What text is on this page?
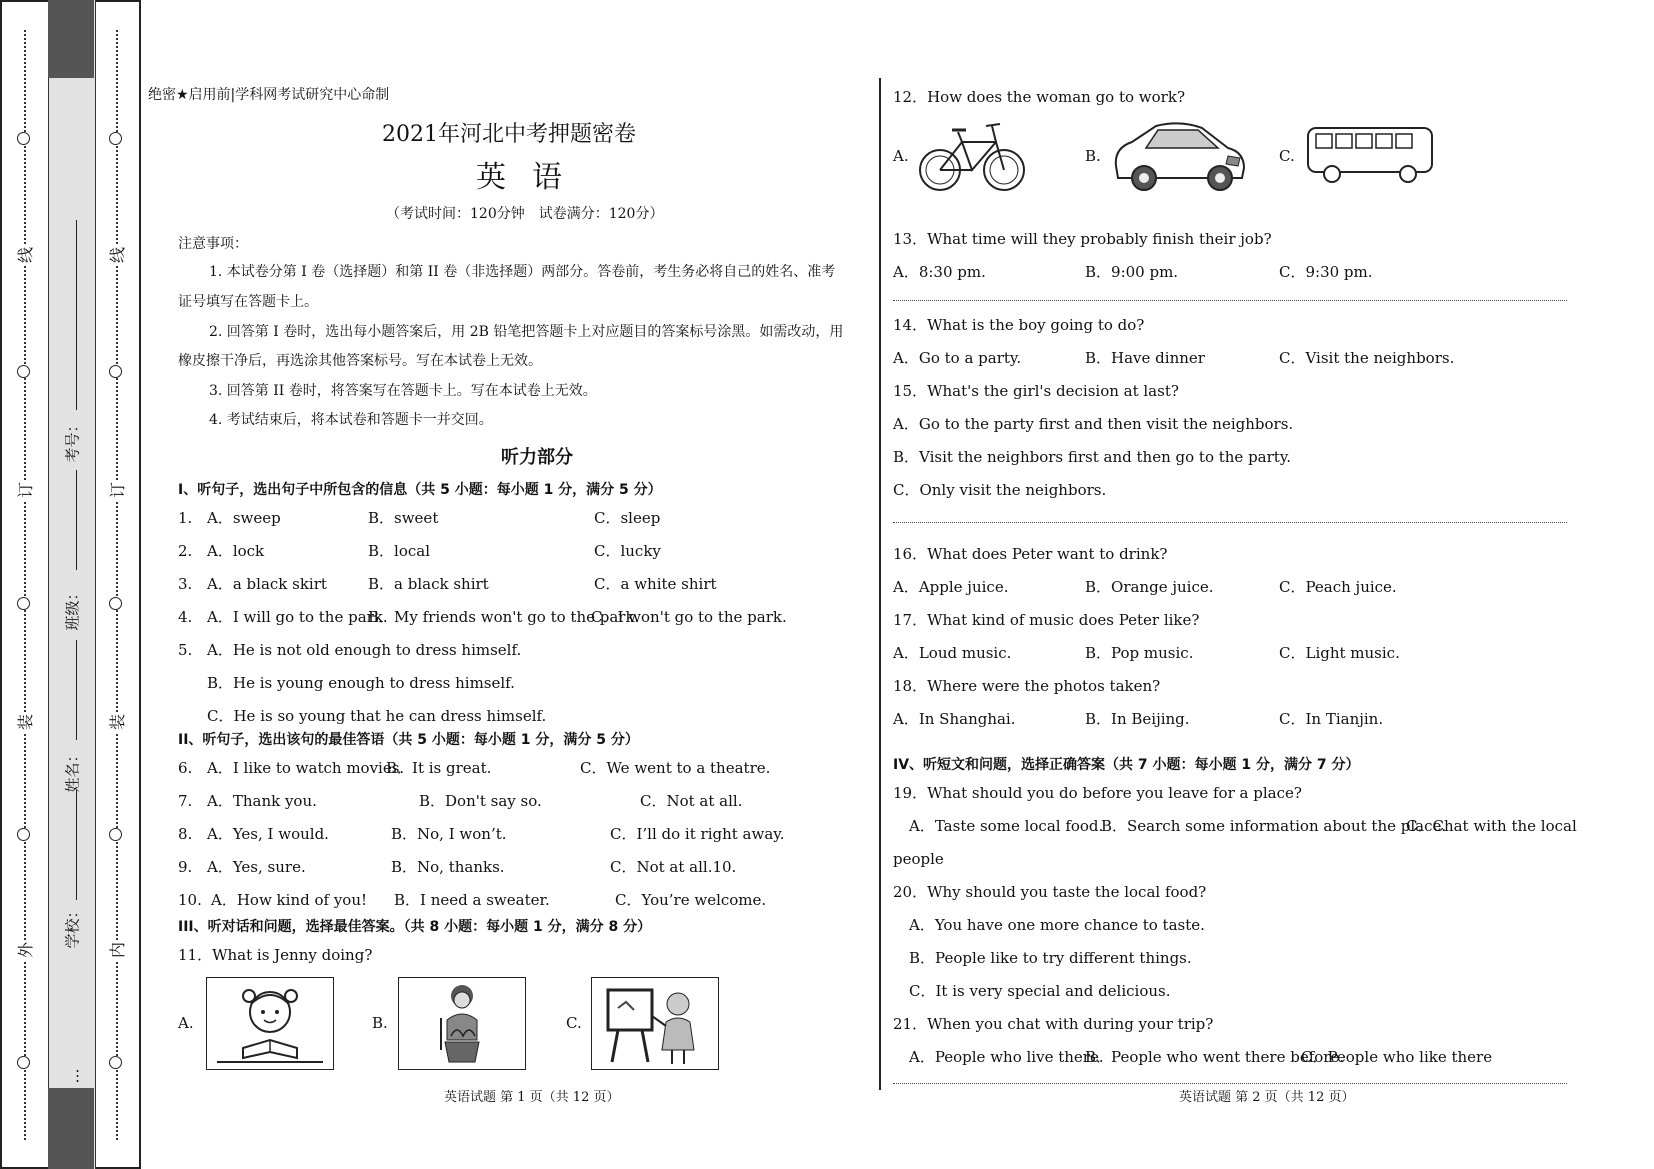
线
订
装
外
线
订
装
内
考号：
班级：
姓名：
学校：
…
绝密★启用前|学科网考试研究中心命制
2021年河北中考押题密卷
英语
（考试时间：120分钟　试卷满分：120分）
注意事项：
1. 本试卷分第 I 卷（选择题）和第 II 卷（非选择题）两部分。答卷前，考生务必将自己的姓名、准考
证号填写在答题卡上。
2. 回答第 I 卷时，选出每小题答案后，用 2B 铅笔把答题卡上对应题目的答案标号涂黑。如需改动，用
橡皮擦干净后，再选涂其他答案标号。写在本试卷上无效。
3. 回答第 II 卷时，将答案写在答题卡上。写在本试卷上无效。
4. 考试结束后，将本试卷和答题卡一并交回。
听力部分
I、听句子，选出句子中所包含的信息（共 5 小题：每小题 1 分，满分 5 分）
1. A．sweep	B．sweet	C．sleep
2. A．lock	B．local	C．lucky
3. A．a black skirt	B．a black shirt	C．a white shirt
4. A．I will go to the park.
B．My friends won't go to the park.
C．I won't go to the park.
5. A．He is not old enough to dress himself.
B．He is young enough to dress himself.
C．He is so young that he can dress himself.
II、听句子，选出该句的最佳答语（共 5 小题：每小题 1 分，满分 5 分）
6. A．I like to watch movies.
B．It is great.	C．We went to a theatre.
7. A．Thank you.	B．Don't say so.	C．Not at all.
8. A．Yes, I would.	B．No, I won’t.	C．I’ll do it right away.
9. A．Yes, sure.	B．No, thanks.	C．Not at all.10.
10. A．How kind of you! B．I need a sweater.	C．You’re welcome.
III、听对话和问题，选择最佳答案。（共 8 小题：每小题 1 分，满分 8 分）
11．What is Jenny doing?
A.	B.	C.
英语试题 第 1 页（共 12 页）
12．How does the woman go to work?
A.	B.	C.
13．What time will they probably finish their job?
A．8:30 pm.	B．9:00 pm.	C．9:30 pm.
14．What is the boy going to do?
A．Go to a party.	B．Have dinner	C．Visit the neighbors.
15．What's the girl's decision at last?
A．Go to the party first and then visit the neighbors.
B．Visit the neighbors first and then go to the party.
C．Only visit the neighbors.
16．What does Peter want to drink?
A．Apple juice.	B．Orange juice.	C．Peach juice.
17．What kind of music does Peter like?
A．Loud music.	B．Pop music.	C．Light music.
18．Where were the photos taken?
A．In Shanghai.	B．In Beijing.	C．In Tianjin.
IV、听短文和问题，选择正确答案（共 7 小题：每小题 1 分，满分 7 分）
19．What should you do before you leave for a place?
A．Taste some local food.
B．Search some information about the place.
C．Chat with the local
people
20．Why should you taste the local food?
A．You have one more chance to taste.
B．People like to try different things.
C．It is very special and delicious.
21．When you chat with during your trip?
A．People who live there.
B．People who went there before.
C．People who like there
英语试题 第 2 页（共 12 页）
